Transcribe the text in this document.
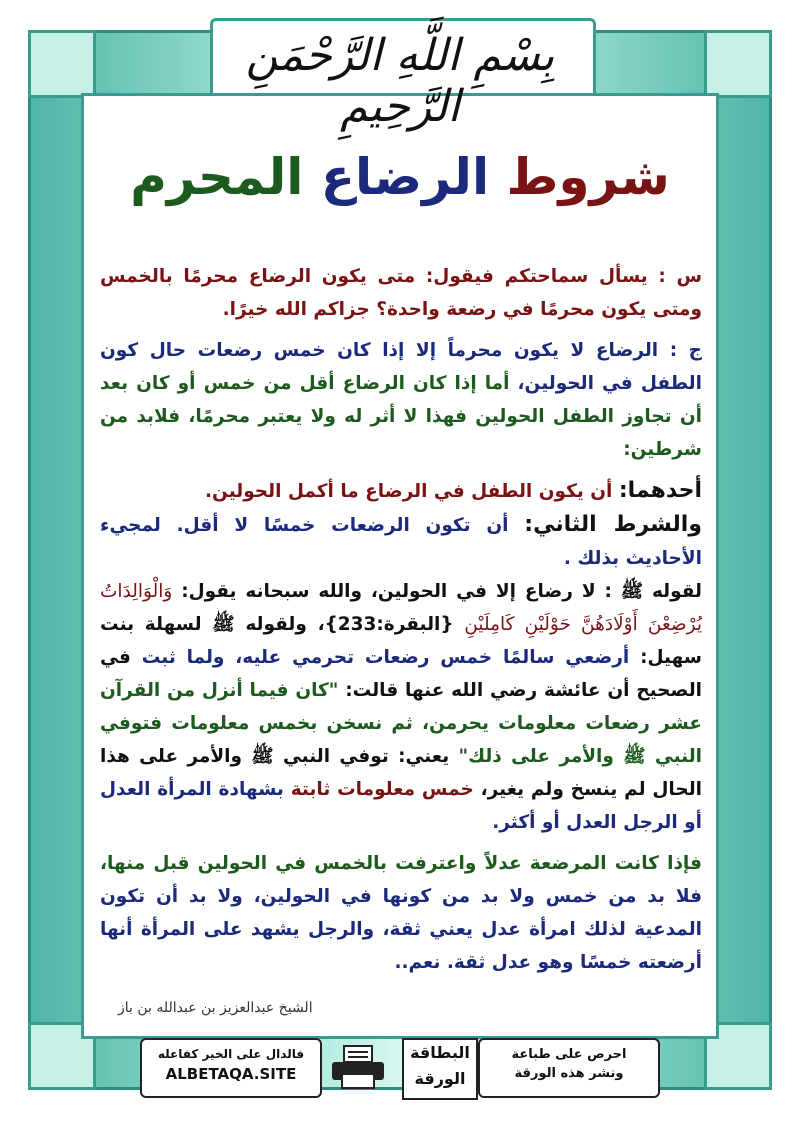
بِسْمِ اللَّهِ الرَّحْمَنِ الرَّحِيمِ
شروط الرضاع المحرم

س : يسأل سماحتكم فيقول: متى يكون الرضاع محرمًا بالخمس ومتى يكون محرمًا في رضعة واحدة؟ جزاكم الله خيرًا.

ج : الرضاع لا يكون محرماً إلا إذا كان خمس رضعات حال كون الطفل في الحولين، أما إذا كان الرضاع أقل من خمس أو كان بعد أن تجاوز الطفل الحولين فهذا لا أثر له ولا يعتبر محرمًا، فلابد من شرطين:

أحدهما: أن يكون الطفل في الرضاع ما أكمل الحولين.
والشرط الثاني: أن تكون الرضعات خمسًا لا أقل. لمجيء الأحاديث بذلك .

لقوله ﷺ : لا رضاع إلا في الحولين، والله سبحانه يقول: وَالْوَالِدَاتُ يُرْضِعْنَ أَوْلَادَهُنَّ حَوْلَيْنِ كَامِلَيْنِ {البقرة:233}، ولقوله ﷺ لسهلة بنت سهيل: أرضعي سالمًا خمس رضعات تحرمي عليه، ولما ثبت في الصحيح أن عائشة رضي الله عنها قالت: "كان فيما أنزل من القرآن عشر رضعات معلومات يحرمن، ثم نسخن بخمس معلومات فتوفي النبي ﷺ والأمر على ذلك" يعني: توفي النبي ﷺ والأمر على هذا الحال لم ينسخ ولم يغير، خمس معلومات ثابتة بشهادة المرأة العدل أو الرجل العدل أو أكثر.

فإذا كانت المرضعة عدلاً واعترفت بالخمس في الحولين قبل منها، فلا بد من خمس ولا بد من كونها في الحولين، ولا بد أن تكون المدعية لذلك امرأة عدل يعني ثقة، والرجل يشهد على المرأة أنها أرضعته خمسًا وهو عدل ثقة. نعم..

الشيخ عبدالعزيز بن عبدالله بن باز
فالدال على الخير كفاعله
ALBETAQA.SITE
البطاقة
الورقة
احرص على طباعة
ونشر هذه الورقة
